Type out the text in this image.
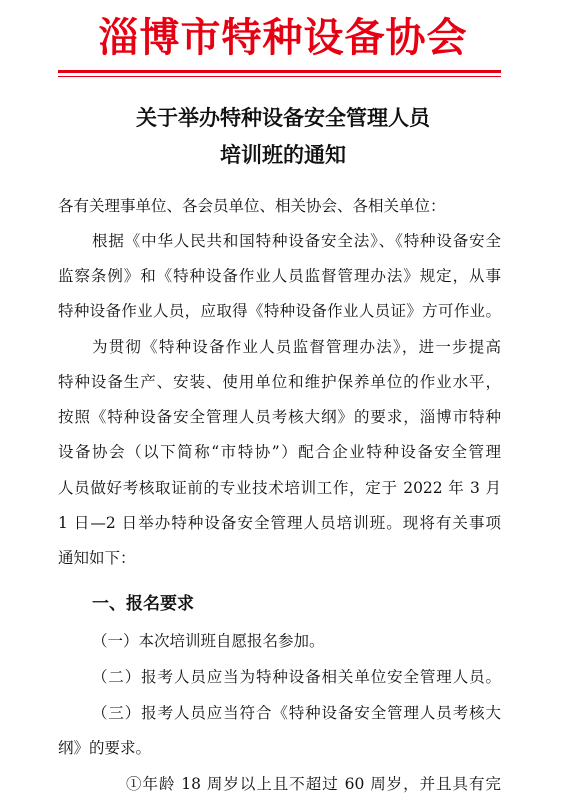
淄博市特种设备协会
关于举办特种设备安全管理人员
培训班的通知

各有关理事单位、各会员单位、相关协会、各相关单位：

根据《中华人民共和国特种设备安全法》、《特种设备安全

监察条例》和《特种设备作业人员监督管理办法》规定，从事

特种设备作业人员，应取得《特种设备作业人员证》方可作业。

为贯彻《特种设备作业人员监督管理办法》，进一步提高

特种设备生产、安装、使用单位和维护保养单位的作业水平，

按照《特种设备安全管理人员考核大纲》的要求，淄博市特种

设备协会（以下简称“市特协”）配合企业特种设备安全管理

人员做好考核取证前的专业技术培训工作，定于 2022 年 3 月

1 日—2 日举办特种设备安全管理人员培训班。现将有关事项

通知如下：

一、报名要求

（一）本次培训班自愿报名参加。

（二）报考人员应当为特种设备相关单位安全管理人员。

（三）报考人员应当符合《特种设备安全管理人员考核大

纲》的要求。

①年龄 18 周岁以上且不超过 60 周岁，并且具有完
